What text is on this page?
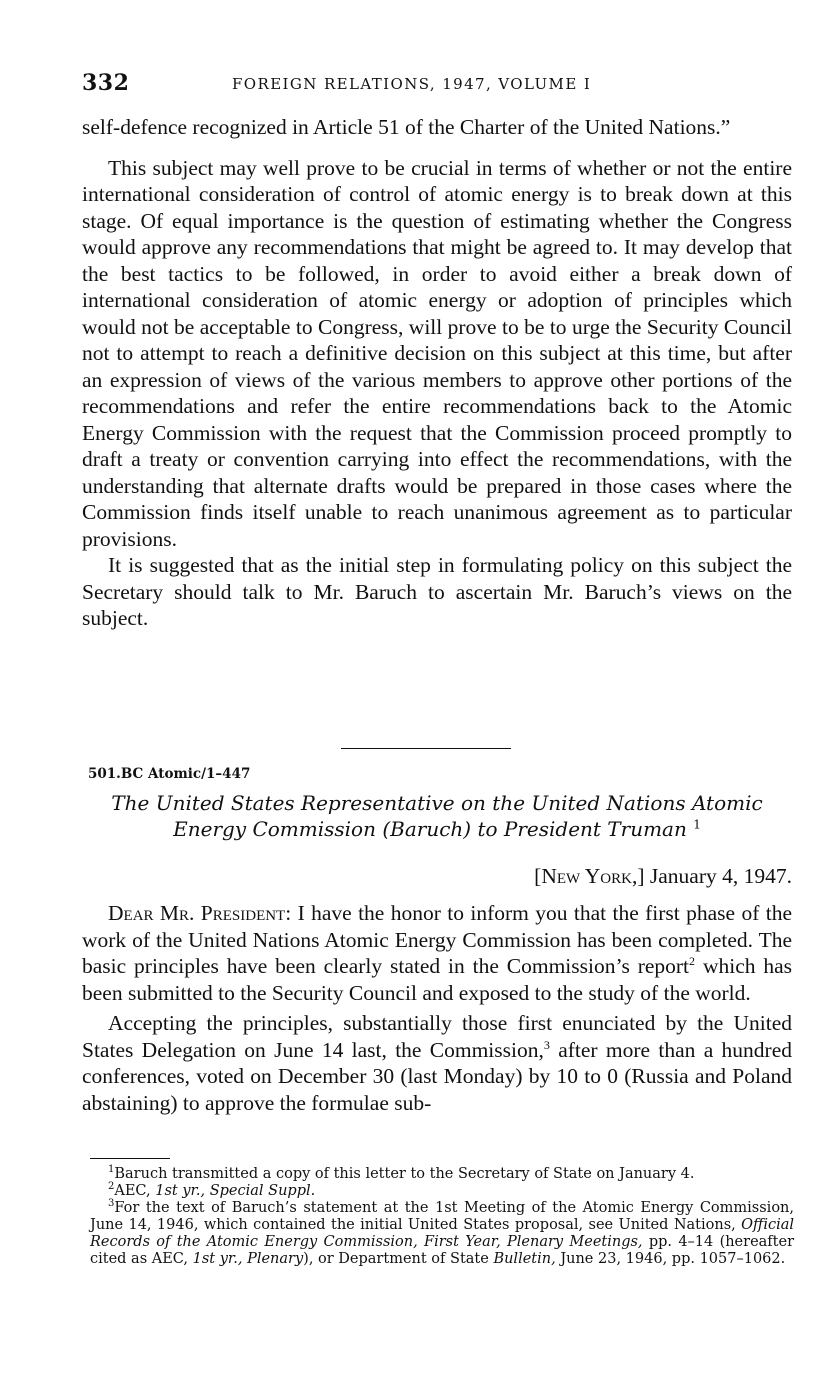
332	FOREIGN RELATIONS, 1947, VOLUME I

self-defence recognized in Article 51 of the Charter of the United Nations.”

This subject may well prove to be crucial in terms of whether or not the entire international consideration of control of atomic energy is to break down at this stage. Of equal importance is the question of estimating whether the Congress would approve any recommendations that might be agreed to. It may develop that the best tactics to be followed, in order to avoid either a break down of international consideration of atomic energy or adoption of principles which would not be acceptable to Congress, will prove to be to urge the Security Council not to attempt to reach a definitive decision on this subject at this time, but after an expression of views of the various members to approve other portions of the recommendations and refer the entire recommendations back to the Atomic Energy Commission with the request that the Commission proceed promptly to draft a treaty or convention carrying into effect the recommendations, with the understanding that alternate drafts would be prepared in those cases where the Commission finds itself unable to reach unanimous agreement as to particular provisions.

It is suggested that as the initial step in formulating policy on this subject the Secretary should talk to Mr. Baruch to ascertain Mr. Baruch’s views on the subject.

501.BC Atomic/1–447
The United States Representative on the United Nations Atomic
Energy Commission (Baruch) to President Truman $^1$
[New York,] January 4, 1947.

Dear Mr. President: I have the honor to inform you that the first phase of the work of the United Nations Atomic Energy Commission has been completed. The basic principles have been clearly stated in the Commission’s report$^2$ which has been submitted to the Security Council and exposed to the study of the world.

Accepting the principles, substantially those first enunciated by the United States Delegation on June 14 last, the Commission,$^3$ after more than a hundred conferences, voted on December 30 (last Monday) by 10 to 0 (Russia and Poland abstaining) to approve the formulae sub-

$^1$Baruch transmitted a copy of this letter to the Secretary of State on January 4.

$^2$AEC, 1st yr., Special Suppl.

$^3$For the text of Baruch’s statement at the 1st Meeting of the Atomic Energy Commission, June 14, 1946, which contained the initial United States proposal, see United Nations, Official Records of the Atomic Energy Commission, First Year, Plenary Meetings, pp. 4–14 (hereafter cited as AEC, 1st yr., Plenary), or Department of State Bulletin, June 23, 1946, pp. 1057–1062.
